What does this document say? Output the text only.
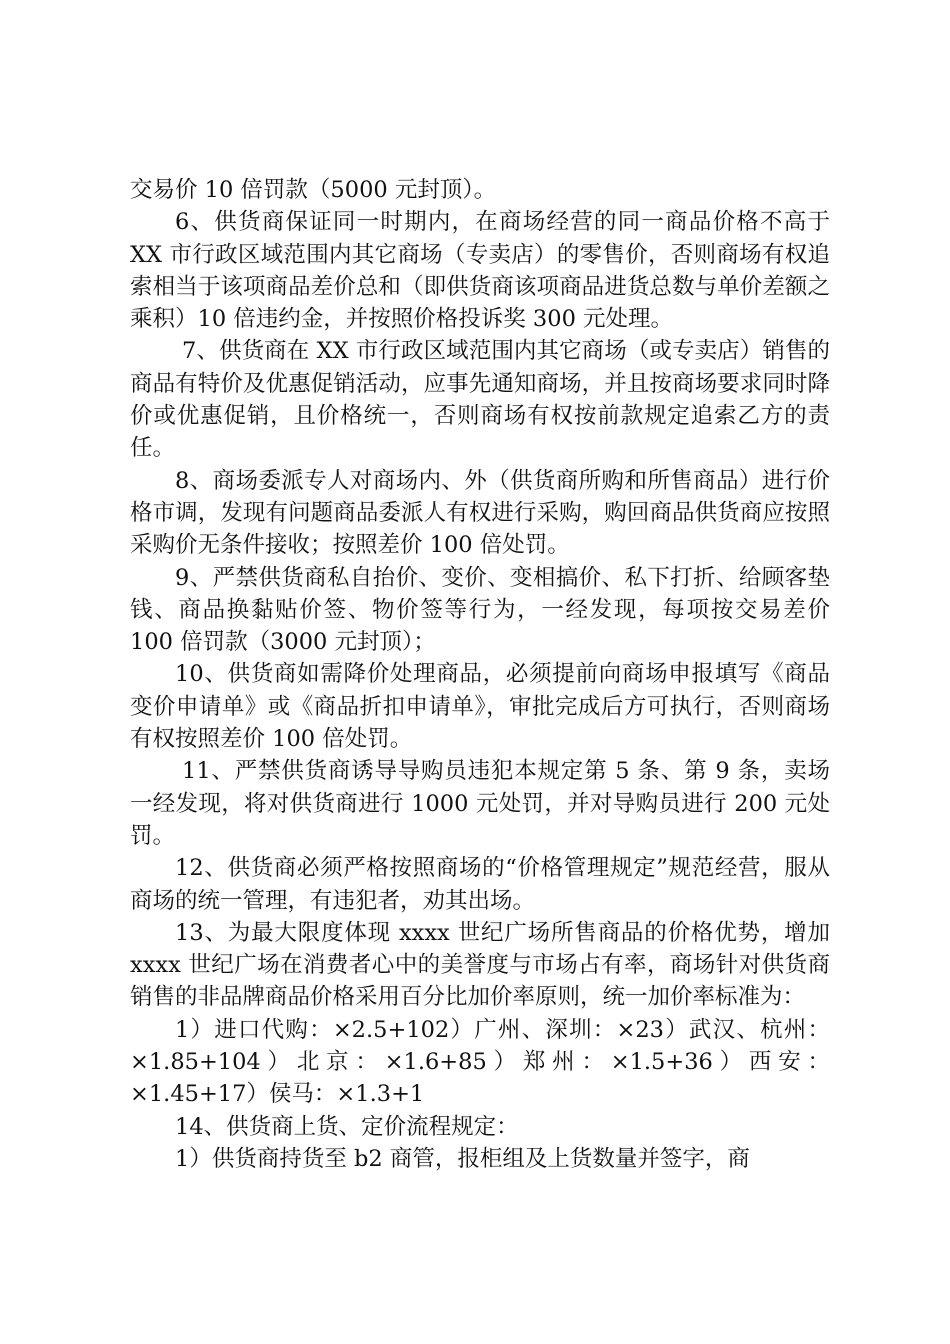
交易价 10 倍罚款（5000 元封顶）。

6、供货商保证同一时期内，在商场经营的同一商品价格不高于 XX 市行政区域范围内其它商场（专卖店）的零售价，否则商场有权追索相当于该项商品差价总和（即供货商该项商品进货总数与单价差额之乘积）10 倍违约金，并按照价格投诉奖 300 元处理。

7、供货商在 XX 市行政区域范围内其它商场（或专卖店）销售的商品有特价及优惠促销活动，应事先通知商场，并且按商场要求同时降价或优惠促销，且价格统一，否则商场有权按前款规定追索乙方的责任。

8、商场委派专人对商场内、外（供货商所购和所售商品）进行价格市调，发现有问题商品委派人有权进行采购，购回商品供货商应按照采购价无条件接收；按照差价 100 倍处罚。

9、严禁供货商私自抬价、变价、变相搞价、私下打折、给顾客垫钱、商品换黏贴价签、物价签等行为，一经发现，每项按交易差价 100 倍罚款（3000 元封顶）；

10、供货商如需降价处理商品，必须提前向商场申报填写《商品变价申请单》或《商品折扣申请单》，审批完成后方可执行，否则商场有权按照差价 100 倍处罚。

11、严禁供货商诱导导购员违犯本规定第 5 条、第 9 条，卖场一经发现，将对供货商进行 1000 元处罚，并对导购员进行 200 元处罚。

12、供货商必须严格按照商场的“价格管理规定”规范经营，服从商场的统一管理，有违犯者，劝其出场。

13、为最大限度体现 xxxx 世纪广场所售商品的价格优势，增加 xxxx 世纪广场在消费者心中的美誉度与市场占有率，商场针对供货商销售的非品牌商品价格采用百分比加价率原则，统一加价率标准为：

1）进口代购：×2.5+102）广州、深圳：×23）武汉、杭州：×1.85+104）北京：×1.6+85）郑州：×1.5+36）西安：×1.45+17）侯马：×1.3+1

14、供货商上货、定价流程规定：

1）供货商持货至 b2 商管，报柜组及上货数量并签字，商
